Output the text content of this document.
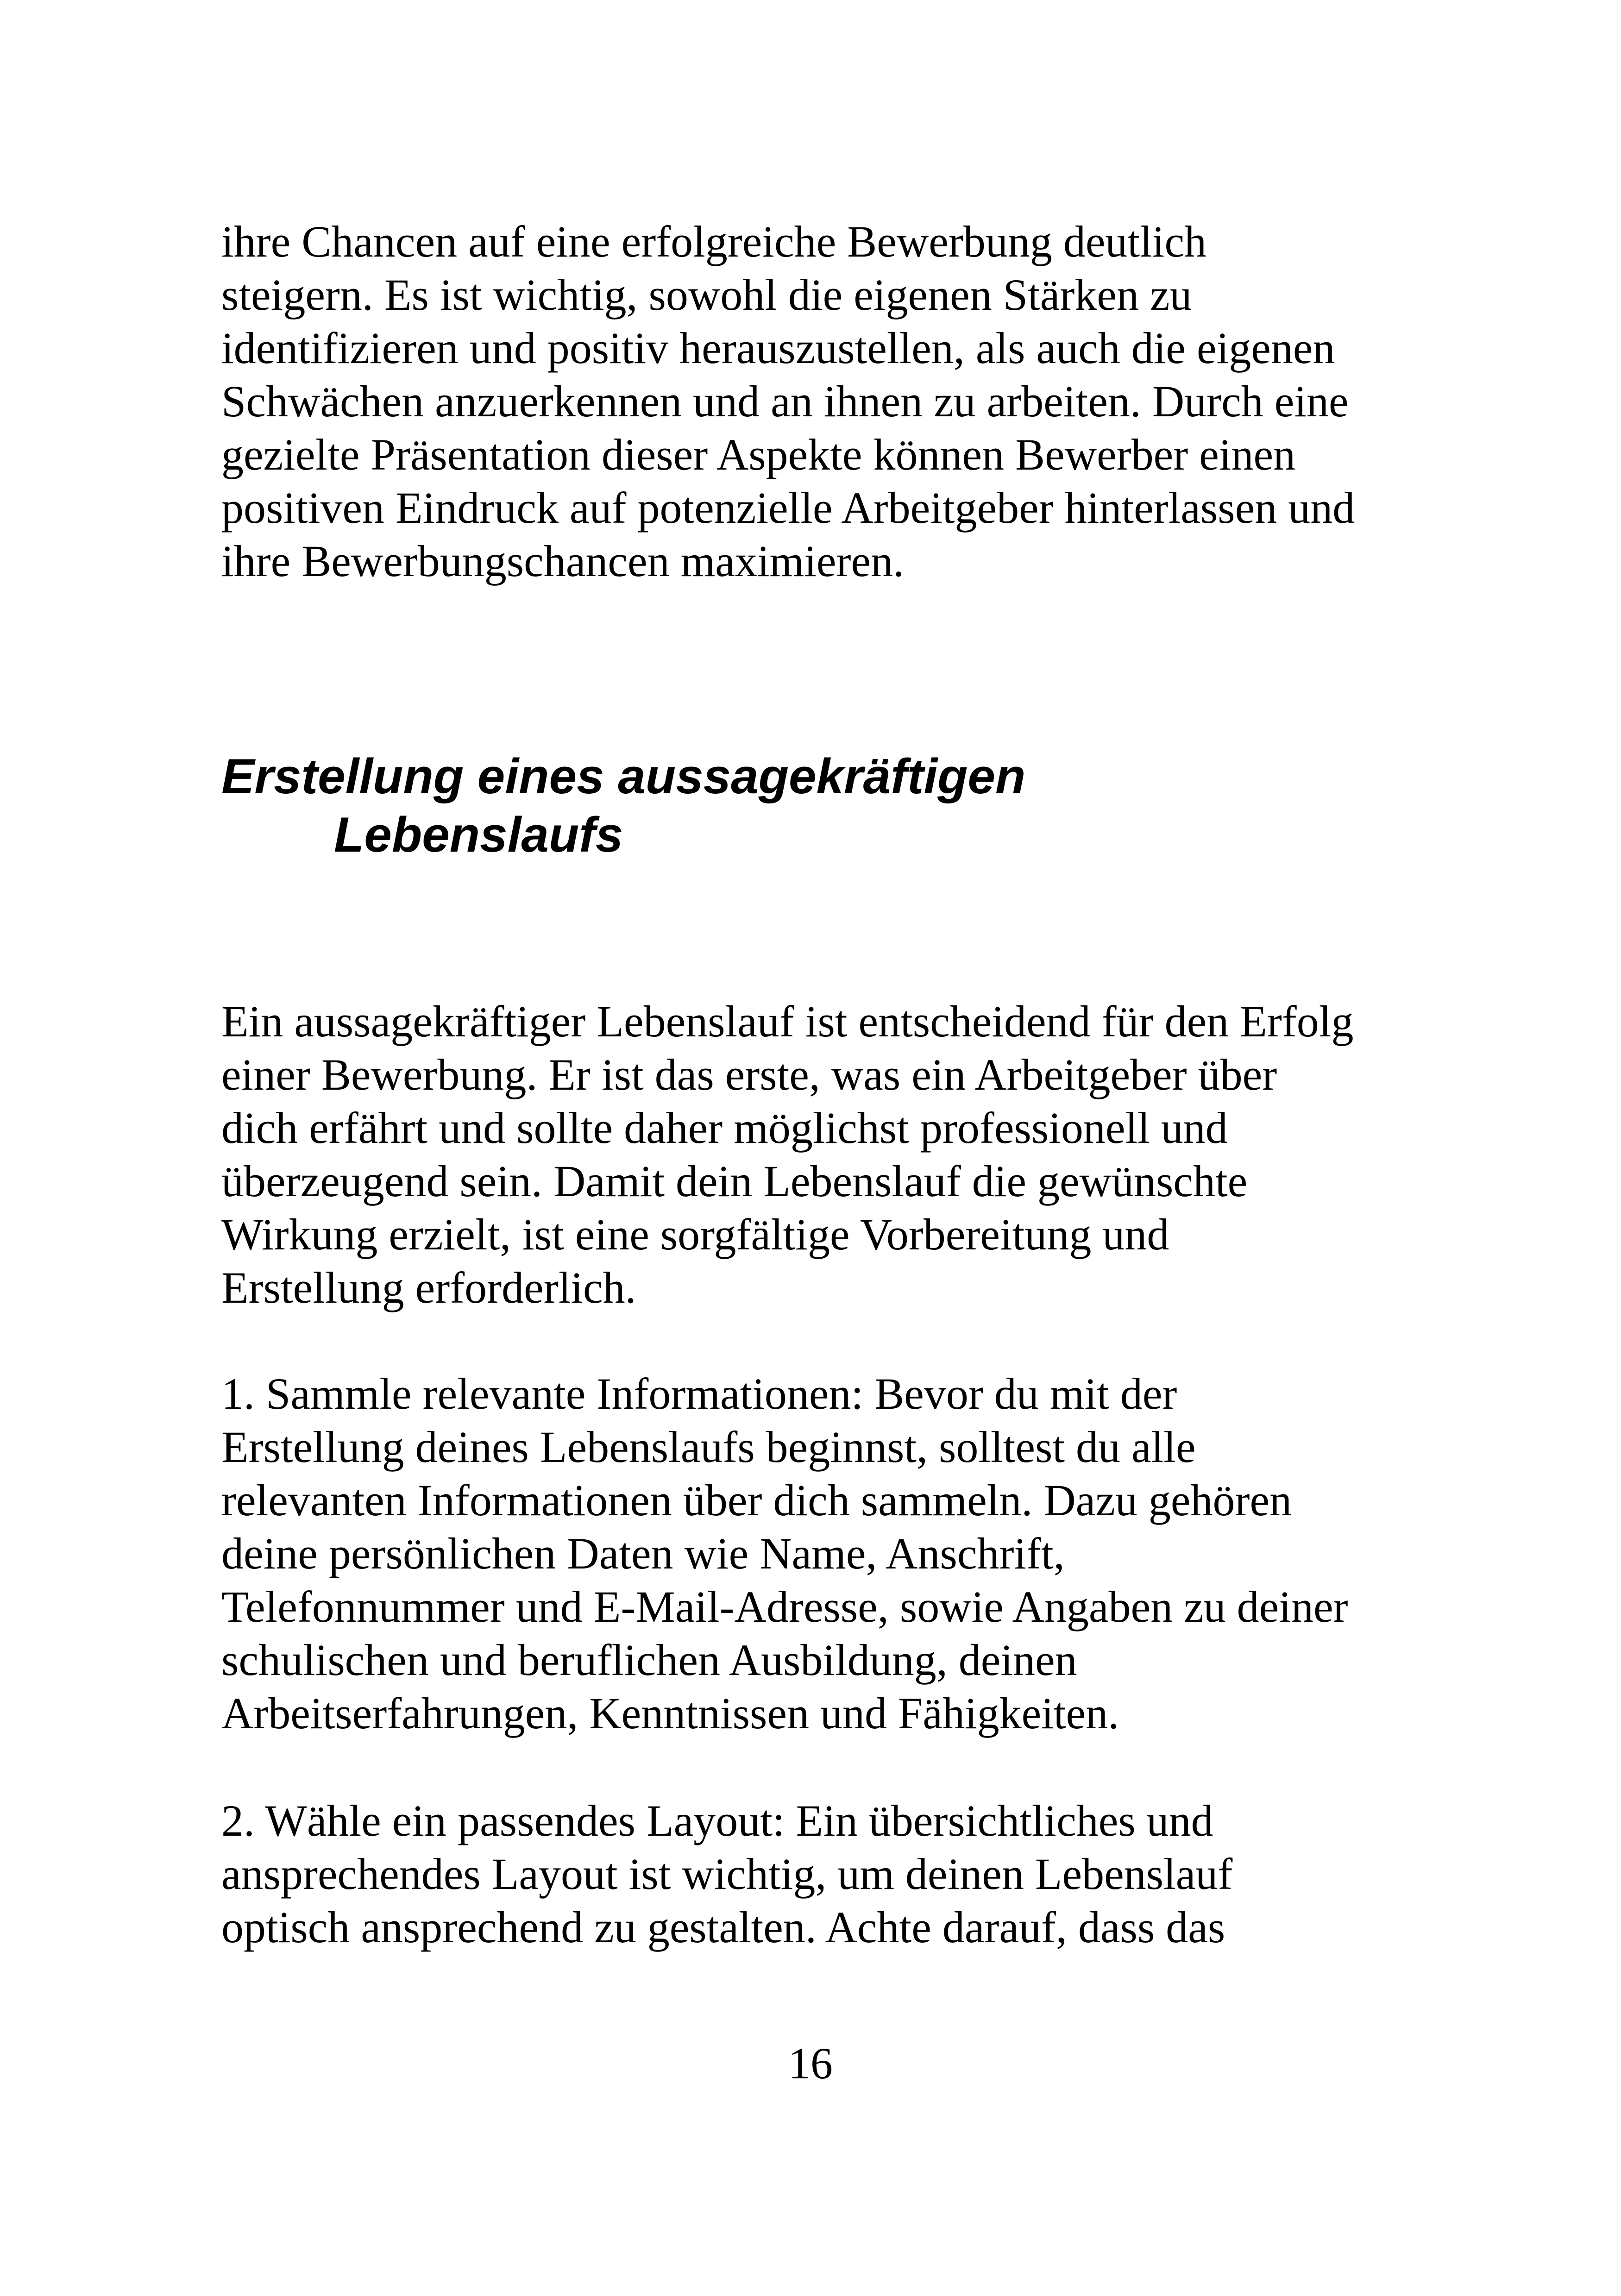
ihre Chancen auf eine erfolgreiche Bewerbung deutlich
steigern. Es ist wichtig, sowohl die eigenen Stärken zu
identifizieren und positiv herauszustellen, als auch die eigenen
Schwächen anzuerkennen und an ihnen zu arbeiten. Durch eine
gezielte Präsentation dieser Aspekte können Bewerber einen
positiven Eindruck auf potenzielle Arbeitgeber hinterlassen und
ihre Bewerbungschancen maximieren.

Erstellung eines aussagekräftigen
Lebenslaufs

Ein aussagekräftiger Lebenslauf ist entscheidend für den Erfolg
einer Bewerbung. Er ist das erste, was ein Arbeitgeber über
dich erfährt und sollte daher möglichst professionell und
überzeugend sein. Damit dein Lebenslauf die gewünschte
Wirkung erzielt, ist eine sorgfältige Vorbereitung und
Erstellung erforderlich.

1. Sammle relevante Informationen: Bevor du mit der
Erstellung deines Lebenslaufs beginnst, solltest du alle
relevanten Informationen über dich sammeln. Dazu gehören
deine persönlichen Daten wie Name, Anschrift,
Telefonnummer und E-Mail-Adresse, sowie Angaben zu deiner
schulischen und beruflichen Ausbildung, deinen
Arbeitserfahrungen, Kenntnissen und Fähigkeiten.

2. Wähle ein passendes Layout: Ein übersichtliches und
ansprechendes Layout ist wichtig, um deinen Lebenslauf
optisch ansprechend zu gestalten. Achte darauf, dass das

16
